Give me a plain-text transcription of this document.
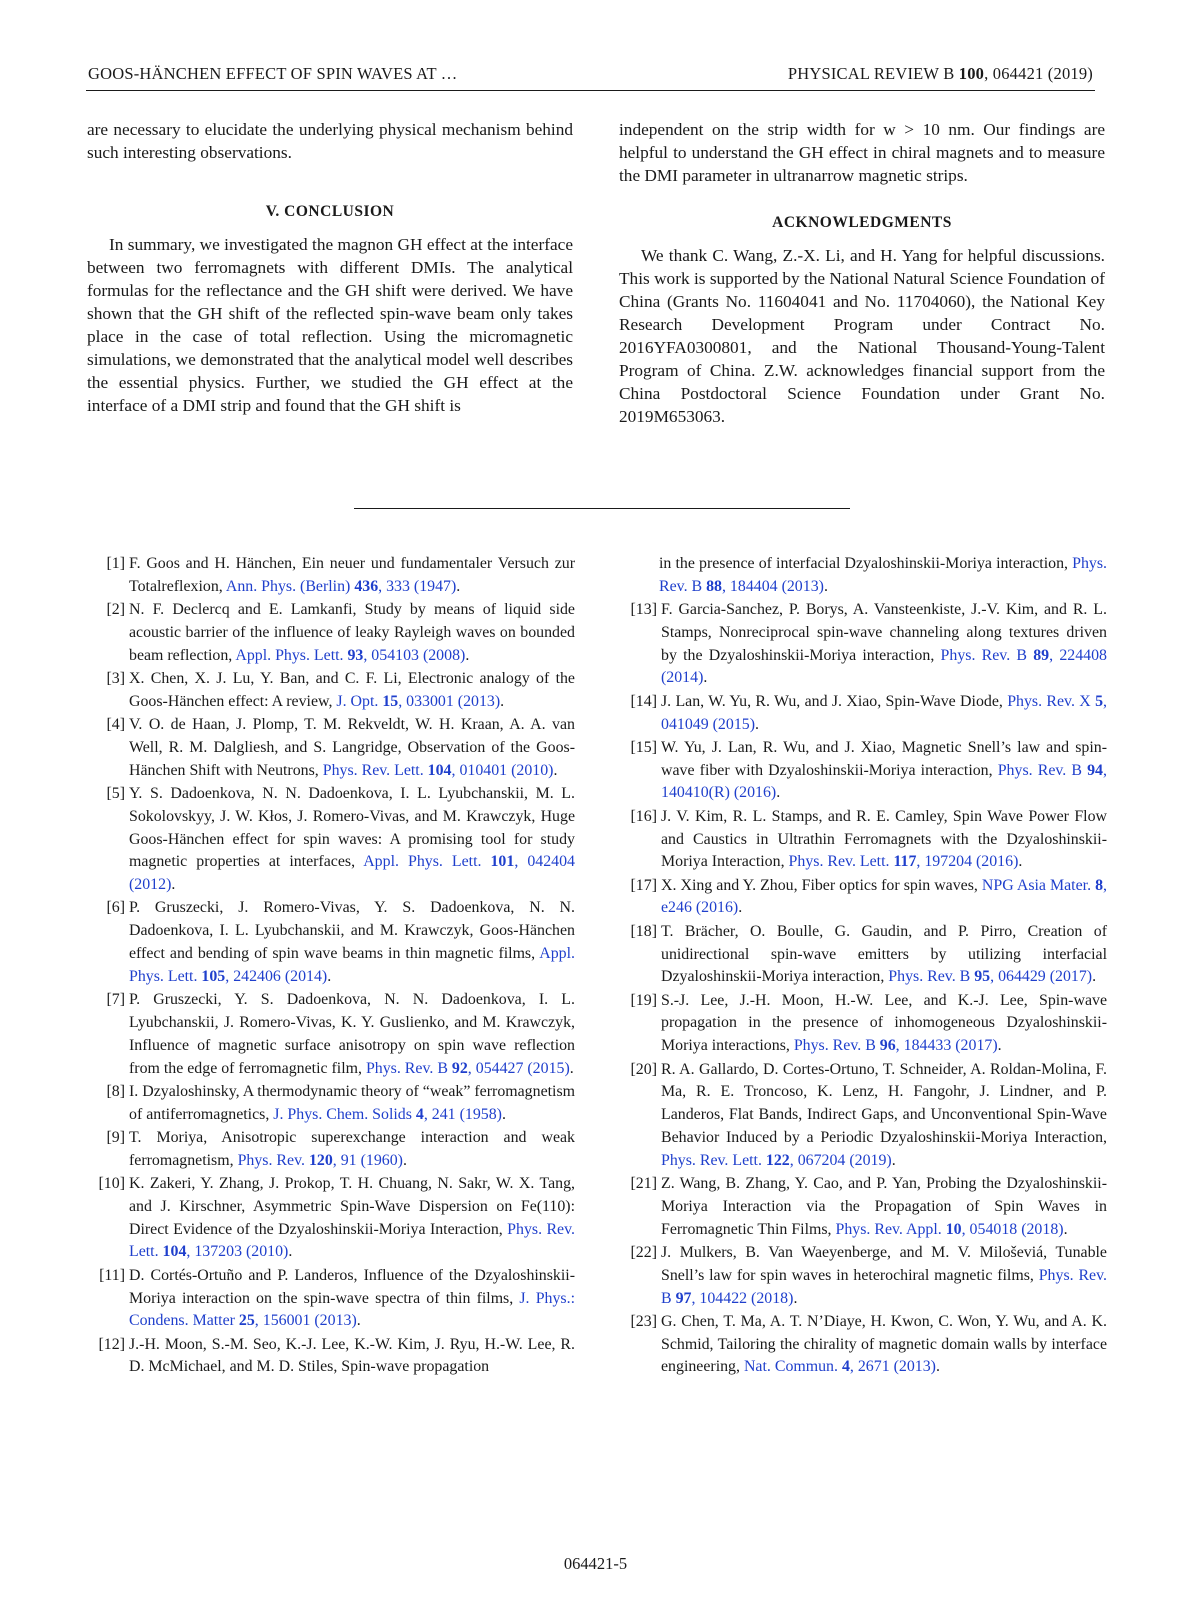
GOOS-HÄNCHEN EFFECT OF SPIN WAVES AT …	PHYSICAL REVIEW B 100, 064421 (2019)

are necessary to elucidate the underlying physical mechanism behind such interesting observations.

V. CONCLUSION

In summary, we investigated the magnon GH effect at the interface between two ferromagnets with different DMIs. The analytical formulas for the reflectance and the GH shift were derived. We have shown that the GH shift of the reflected spin-wave beam only takes place in the case of total reflection. Using the micromagnetic simulations, we demonstrated that the analytical model well describes the essential physics. Further, we studied the GH effect at the interface of a DMI strip and found that the GH shift is

independent on the strip width for w > 10 nm. Our findings are helpful to understand the GH effect in chiral magnets and to measure the DMI parameter in ultranarrow magnetic strips.

ACKNOWLEDGMENTS

We thank C. Wang, Z.-X. Li, and H. Yang for helpful discussions. This work is supported by the National Natural Science Foundation of China (Grants No. 11604041 and No. 11704060), the National Key Research Development Program under Contract No. 2016YFA0300801, and the National Thousand-Young-Talent Program of China. Z.W. acknowledges financial support from the China Postdoctoral Science Foundation under Grant No. 2019M653063.

[1] F. Goos and H. Hänchen, Ein neuer und fundamentaler Versuch zur Totalreflexion, Ann. Phys. (Berlin) 436, 333 (1947).
[2] N. F. Declercq and E. Lamkanfi, Study by means of liquid side acoustic barrier of the influence of leaky Rayleigh waves on bounded beam reflection, Appl. Phys. Lett. 93, 054103 (2008).
[3] X. Chen, X. J. Lu, Y. Ban, and C. F. Li, Electronic analogy of the Goos-Hänchen effect: A review, J. Opt. 15, 033001 (2013).
[4] V. O. de Haan, J. Plomp, T. M. Rekveldt, W. H. Kraan, A. A. van Well, R. M. Dalgliesh, and S. Langridge, Observation of the Goos-Hänchen Shift with Neutrons, Phys. Rev. Lett. 104, 010401 (2010).
[5] Y. S. Dadoenkova, N. N. Dadoenkova, I. L. Lyubchanskii, M. L. Sokolovskyy, J. W. Kłos, J. Romero-Vivas, and M. Krawczyk, Huge Goos-Hänchen effect for spin waves: A promising tool for study magnetic properties at interfaces, Appl. Phys. Lett. 101, 042404 (2012).
[6] P. Gruszecki, J. Romero-Vivas, Y. S. Dadoenkova, N. N. Dadoenkova, I. L. Lyubchanskii, and M. Krawczyk, Goos-Hänchen effect and bending of spin wave beams in thin magnetic films, Appl. Phys. Lett. 105, 242406 (2014).
[7] P. Gruszecki, Y. S. Dadoenkova, N. N. Dadoenkova, I. L. Lyubchanskii, J. Romero-Vivas, K. Y. Guslienko, and M. Krawczyk, Influence of magnetic surface anisotropy on spin wave reflection from the edge of ferromagnetic film, Phys. Rev. B 92, 054427 (2015).
[8] I. Dzyaloshinsky, A thermodynamic theory of “weak” ferromagnetism of antiferromagnetics, J. Phys. Chem. Solids 4, 241 (1958).
[9] T. Moriya, Anisotropic superexchange interaction and weak ferromagnetism, Phys. Rev. 120, 91 (1960).
[10] K. Zakeri, Y. Zhang, J. Prokop, T. H. Chuang, N. Sakr, W. X. Tang, and J. Kirschner, Asymmetric Spin-Wave Dispersion on Fe(110): Direct Evidence of the Dzyaloshinskii-Moriya Interaction, Phys. Rev. Lett. 104, 137203 (2010).
[11] D. Cortés-Ortuño and P. Landeros, Influence of the Dzyaloshinskii-Moriya interaction on the spin-wave spectra of thin films, J. Phys.: Condens. Matter 25, 156001 (2013).
[12] J.-H. Moon, S.-M. Seo, K.-J. Lee, K.-W. Kim, J. Ryu, H.-W. Lee, R. D. McMichael, and M. D. Stiles, Spin-wave propagation
in the presence of interfacial Dzyaloshinskii-Moriya interaction, Phys. Rev. B 88, 184404 (2013).
[13] F. Garcia-Sanchez, P. Borys, A. Vansteenkiste, J.-V. Kim, and R. L. Stamps, Nonreciprocal spin-wave channeling along textures driven by the Dzyaloshinskii-Moriya interaction, Phys. Rev. B 89, 224408 (2014).
[14] J. Lan, W. Yu, R. Wu, and J. Xiao, Spin-Wave Diode, Phys. Rev. X 5, 041049 (2015).
[15] W. Yu, J. Lan, R. Wu, and J. Xiao, Magnetic Snell’s law and spin-wave fiber with Dzyaloshinskii-Moriya interaction, Phys. Rev. B 94, 140410(R) (2016).
[16] J. V. Kim, R. L. Stamps, and R. E. Camley, Spin Wave Power Flow and Caustics in Ultrathin Ferromagnets with the Dzyaloshinskii-Moriya Interaction, Phys. Rev. Lett. 117, 197204 (2016).
[17] X. Xing and Y. Zhou, Fiber optics for spin waves, NPG Asia Mater. 8, e246 (2016).
[18] T. Brächer, O. Boulle, G. Gaudin, and P. Pirro, Creation of unidirectional spin-wave emitters by utilizing interfacial Dzyaloshinskii-Moriya interaction, Phys. Rev. B 95, 064429 (2017).
[19] S.-J. Lee, J.-H. Moon, H.-W. Lee, and K.-J. Lee, Spin-wave propagation in the presence of inhomogeneous Dzyaloshinskii-Moriya interactions, Phys. Rev. B 96, 184433 (2017).
[20] R. A. Gallardo, D. Cortes-Ortuno, T. Schneider, A. Roldan-Molina, F. Ma, R. E. Troncoso, K. Lenz, H. Fangohr, J. Lindner, and P. Landeros, Flat Bands, Indirect Gaps, and Unconventional Spin-Wave Behavior Induced by a Periodic Dzyaloshinskii-Moriya Interaction, Phys. Rev. Lett. 122, 067204 (2019).
[21] Z. Wang, B. Zhang, Y. Cao, and P. Yan, Probing the Dzyaloshinskii-Moriya Interaction via the Propagation of Spin Waves in Ferromagnetic Thin Films, Phys. Rev. Appl. 10, 054018 (2018).
[22] J. Mulkers, B. Van Waeyenberge, and M. V. Miloševiá, Tunable Snell’s law for spin waves in heterochiral magnetic films, Phys. Rev. B 97, 104422 (2018).
[23] G. Chen, T. Ma, A. T. N’Diaye, H. Kwon, C. Won, Y. Wu, and A. K. Schmid, Tailoring the chirality of magnetic domain walls by interface engineering, Nat. Commun. 4, 2671 (2013).
064421-5
